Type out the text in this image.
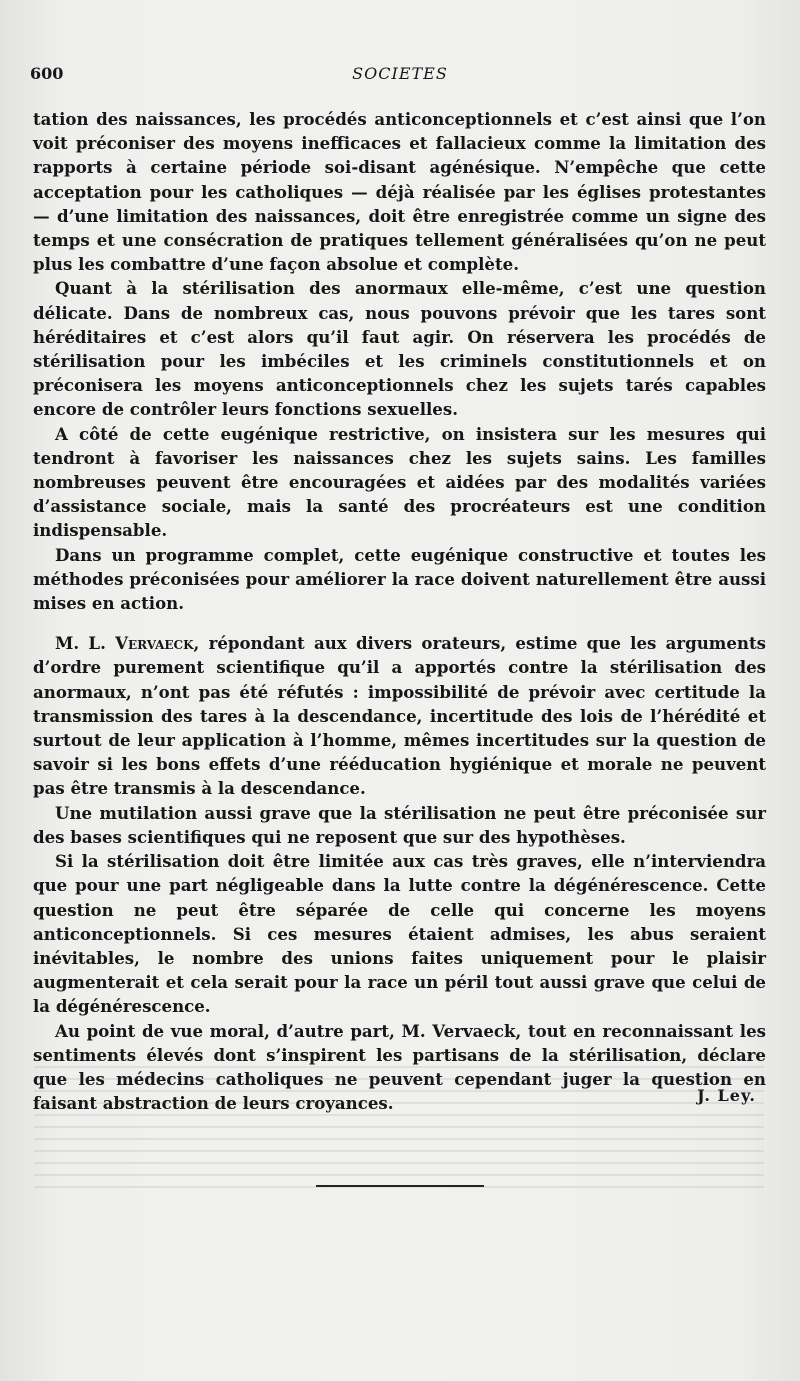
600	SOCIETES

tation des naissances, les procédés anticonceptionnels et c’est ainsi que l’on voit préconiser des moyens inefficaces et fallacieux comme la limitation des rapports à certaine période soi-disant agénésique. N’empêche que cette acceptation pour les catholiques — déjà réalisée par les églises protestantes — d’une limitation des naissances, doit être enregistrée comme un signe des temps et une consécration de pratiques tellement généralisées qu’on ne peut plus les combattre d’une façon absolue et complète.

Quant à la stérilisation des anormaux elle-même, c’est une question délicate. Dans de nombreux cas, nous pouvons prévoir que les tares sont héréditaires et c’est alors qu’il faut agir. On réservera les procédés de stérilisation pour les imbéciles et les criminels constitutionnels et on préconisera les moyens anticonceptionnels chez les sujets tarés capables encore de contrôler leurs fonctions sexuelles.

A côté de cette eugénique restrictive, on insistera sur les mesures qui tendront à favoriser les naissances chez les sujets sains. Les familles nombreuses peuvent être encouragées et aidées par des modalités variées d’assistance sociale, mais la santé des procréateurs est une condition indispensable.

Dans un programme complet, cette eugénique constructive et toutes les méthodes préconisées pour améliorer la race doivent naturellement être aussi mises en action.

M. L. Vervaeck, répondant aux divers orateurs, estime que les arguments d’ordre purement scientifique qu’il a apportés contre la stérilisation des anormaux, n’ont pas été réfutés : impossibilité de prévoir avec certitude la transmission des tares à la descendance, incertitude des lois de l’hérédité et surtout de leur application à l’homme, mêmes incertitudes sur la question de savoir si les bons effets d’une rééducation hygiénique et morale ne peuvent pas être transmis à la descendance.

Une mutilation aussi grave que la stérilisation ne peut être préconisée sur des bases scientifiques qui ne reposent que sur des hypothèses.

Si la stérilisation doit être limitée aux cas très graves, elle n’interviendra que pour une part négligeable dans la lutte contre la dégénérescence. Cette question ne peut être séparée de celle qui concerne les moyens anticonceptionnels. Si ces mesures étaient admises, les abus seraient inévitables, le nombre des unions faites uniquement pour le plaisir augmenterait et cela serait pour la race un péril tout aussi grave que celui de la dégénérescence.

Au point de vue moral, d’autre part, M. Vervaeck, tout en reconnaissant les sentiments élevés dont s’inspirent les partisans de la stérilisation, déclare que les médecins catholiques ne peuvent cependant juger la question en faisant abstraction de leurs croyances.	J. Ley.
